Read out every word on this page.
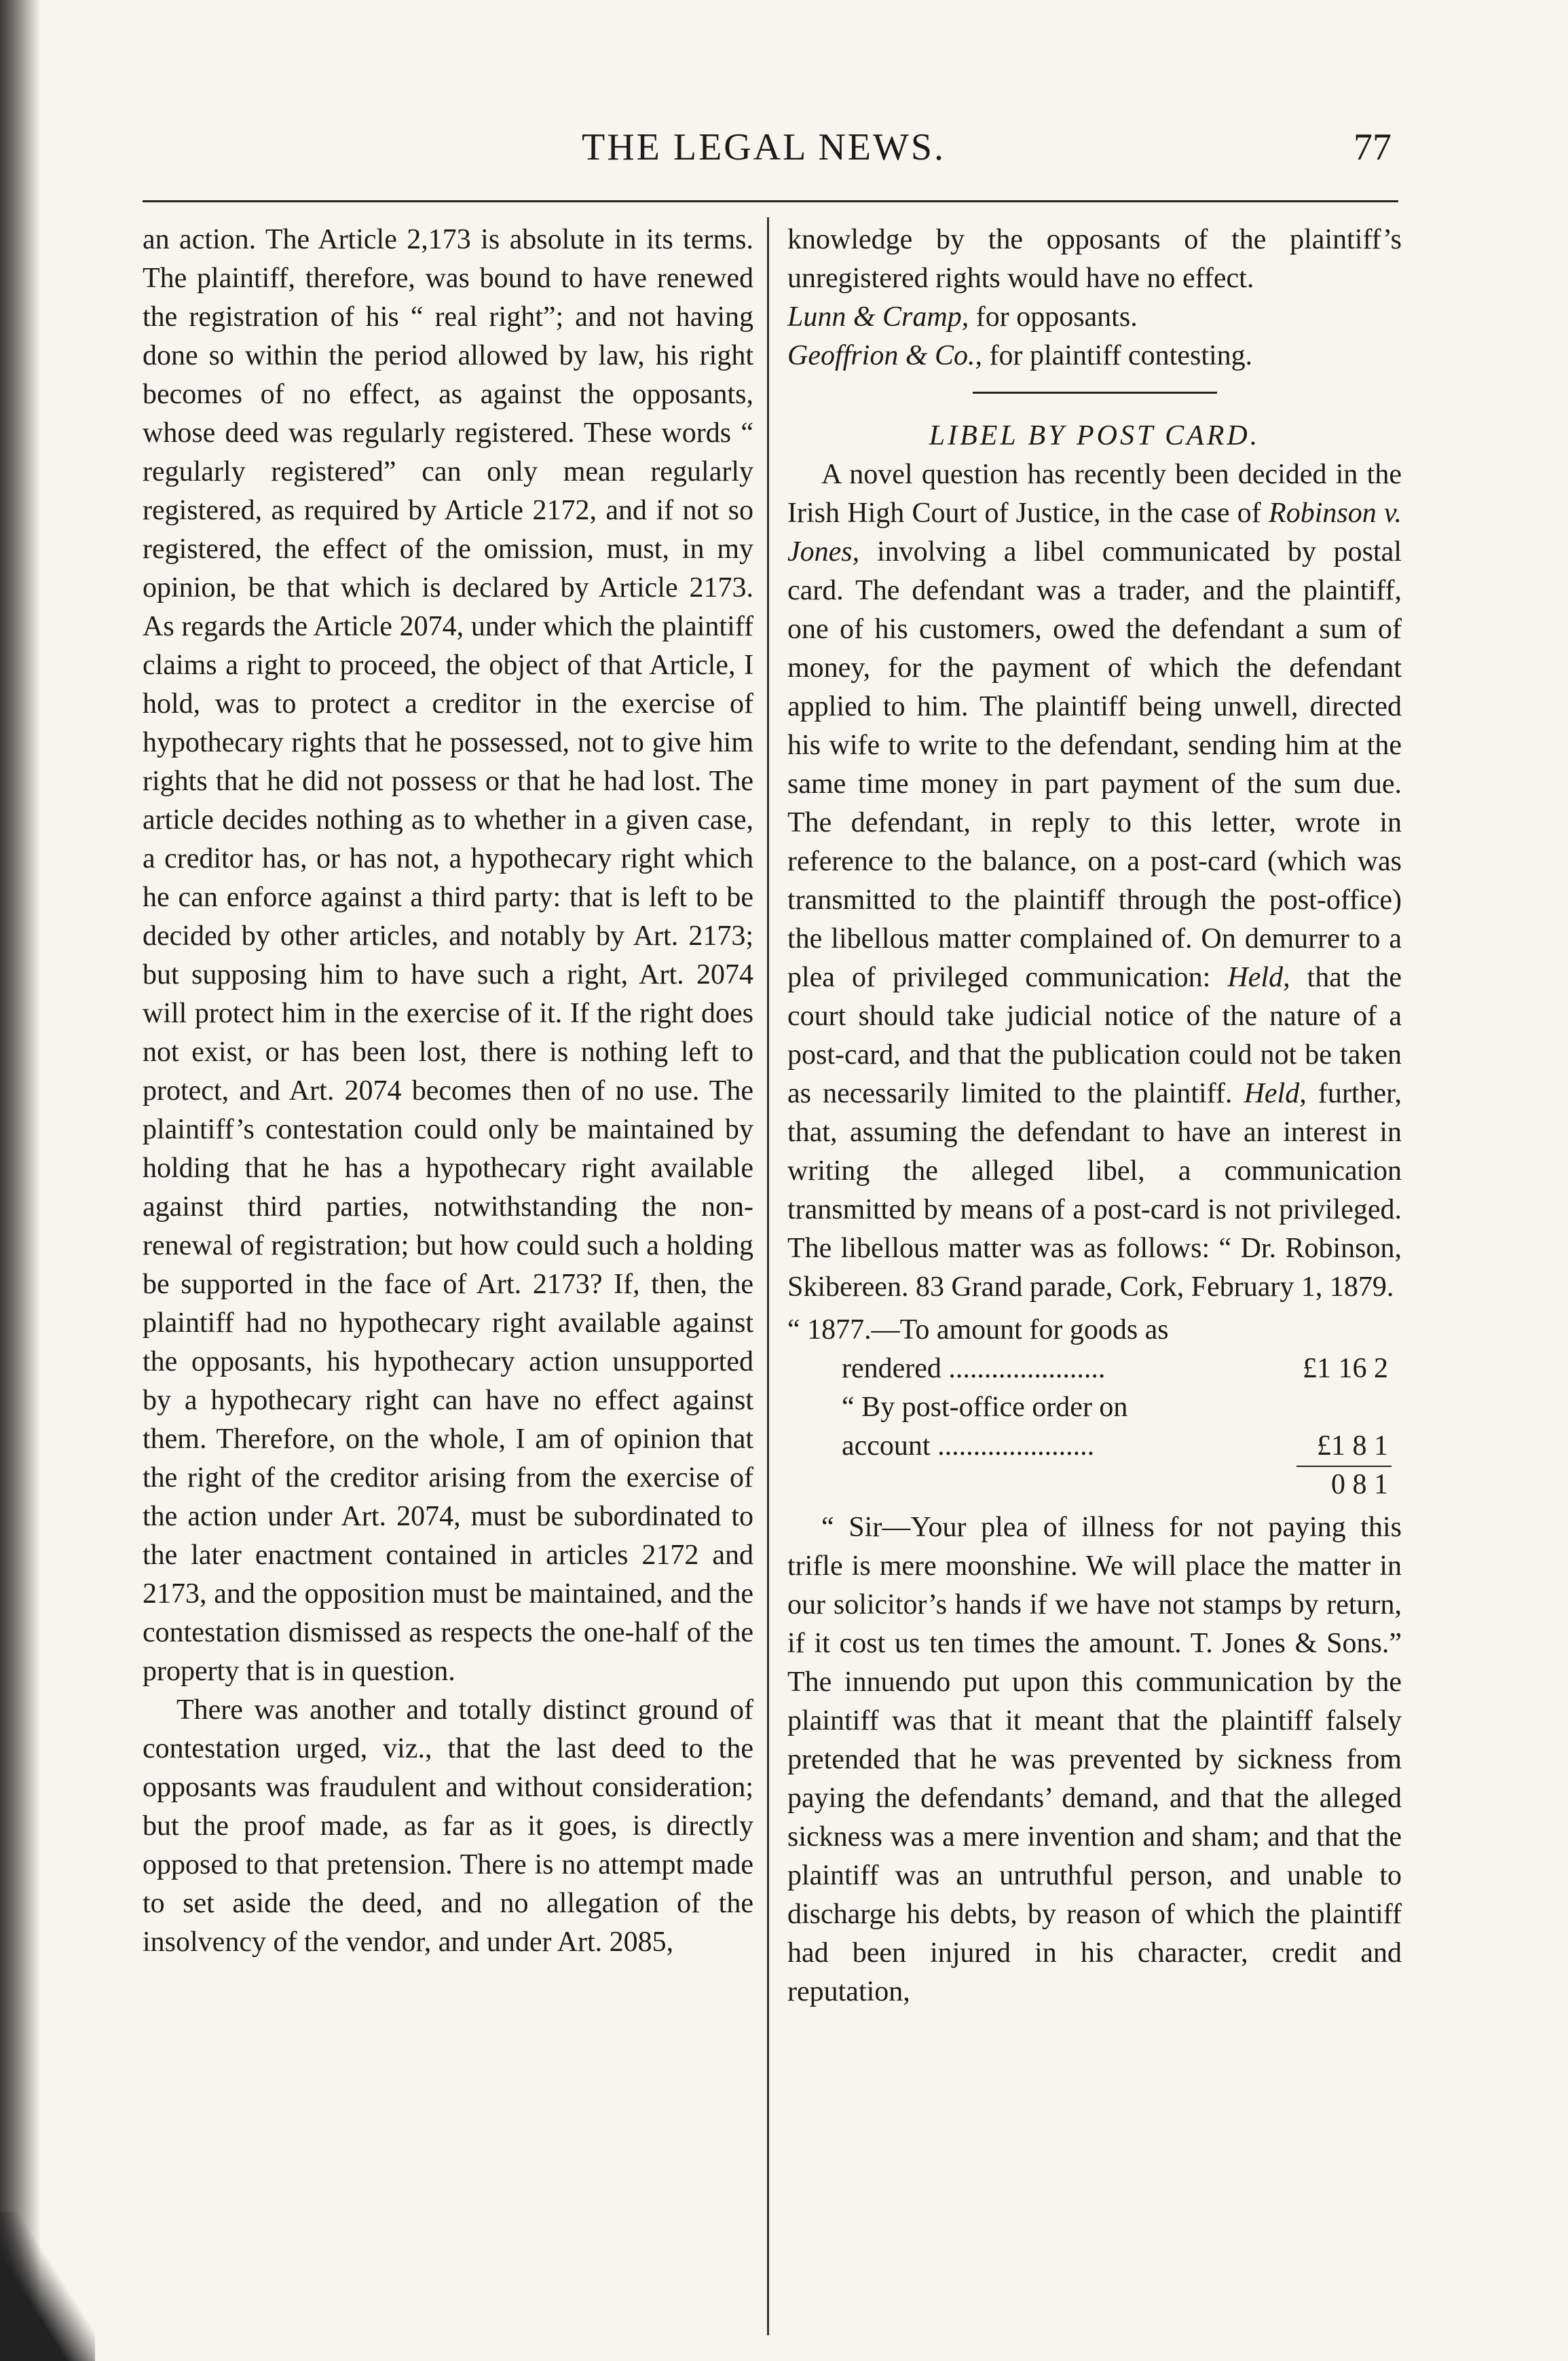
THE LEGAL NEWS.	77

an action. The Article 2,173 is absolute in its terms. The plaintiff, therefore, was bound to have renewed the registration of his “ real right”; and not having done so within the period allowed by law, his right becomes of no effect, as against the opposants, whose deed was regularly registered. These words “ regularly registered” can only mean regularly registered, as required by Article 2172, and if not so registered, the effect of the omission, must, in my opinion, be that which is declared by Article 2173. As regards the Article 2074, under which the plaintiff claims a right to proceed, the object of that Article, I hold, was to protect a creditor in the exercise of hypothecary rights that he possessed, not to give him rights that he did not possess or that he had lost. The article decides nothing as to whether in a given case, a creditor has, or has not, a hypothecary right which he can enforce against a third party: that is left to be decided by other articles, and notably by Art. 2173; but supposing him to have such a right, Art. 2074 will protect him in the exercise of it. If the right does not exist, or has been lost, there is nothing left to protect, and Art. 2074 becomes then of no use. The plaintiff’s contestation could only be maintained by holding that he has a hypothecary right available against third parties, notwithstanding the non-renewal of registration; but how could such a holding be supported in the face of Art. 2173? If, then, the plaintiff had no hypothecary right available against the opposants, his hypothecary action unsupported by a hypothecary right can have no effect against them. Therefore, on the whole, I am of opinion that the right of the creditor arising from the exercise of the action under Art. 2074, must be subordinated to the later enactment contained in articles 2172 and 2173, and the opposition must be maintained, and the contestation dismissed as respects the one-half of the property that is in question.

There was another and totally distinct ground of contestation urged, viz., that the last deed to the opposants was fraudulent and without consideration; but the proof made, as far as it goes, is directly opposed to that pretension. There is no attempt made to set aside the deed, and no allegation of the insolvency of the vendor, and under Art. 2085,

knowledge by the opposants of the plaintiff’s unregistered rights would have no effect.

Lunn & Cramp, for opposants.

Geoffrion & Co., for plaintiff contesting.

LIBEL BY POST CARD.

A novel question has recently been decided in the Irish High Court of Justice, in the case of Robinson v. Jones, involving a libel communicated by postal card. The defendant was a trader, and the plaintiff, one of his customers, owed the defendant a sum of money, for the payment of which the defendant applied to him. The plaintiff being unwell, directed his wife to write to the defendant, sending him at the same time money in part payment of the sum due. The defendant, in reply to this letter, wrote in reference to the balance, on a post-card (which was transmitted to the plaintiff through the post-office) the libellous matter complained of. On demurrer to a plea of privileged communication: Held, that the court should take judicial notice of the nature of a post-card, and that the publication could not be taken as necessarily limited to the plaintiff. Held, further, that, assuming the defendant to have an interest in writing the alleged libel, a communication transmitted by means of a post-card is not privileged. The libellous matter was as follows: “ Dr. Robinson, Skibereen. 83 Grand parade, Cork, February 1, 1879.

“ 1877.—To amount for goods as
rendered ......................	£1 16 2
“ By post-office order on
account ......................	£1 8 1
0 8 1

“ Sir—Your plea of illness for not paying this trifle is mere moonshine. We will place the matter in our solicitor’s hands if we have not stamps by return, if it cost us ten times the amount. T. Jones & Sons.” The innuendo put upon this communication by the plaintiff was that it meant that the plaintiff falsely pretended that he was prevented by sickness from paying the defendants’ demand, and that the alleged sickness was a mere invention and sham; and that the plaintiff was an untruthful person, and unable to discharge his debts, by reason of which the plaintiff had been injured in his character, credit and reputation,
